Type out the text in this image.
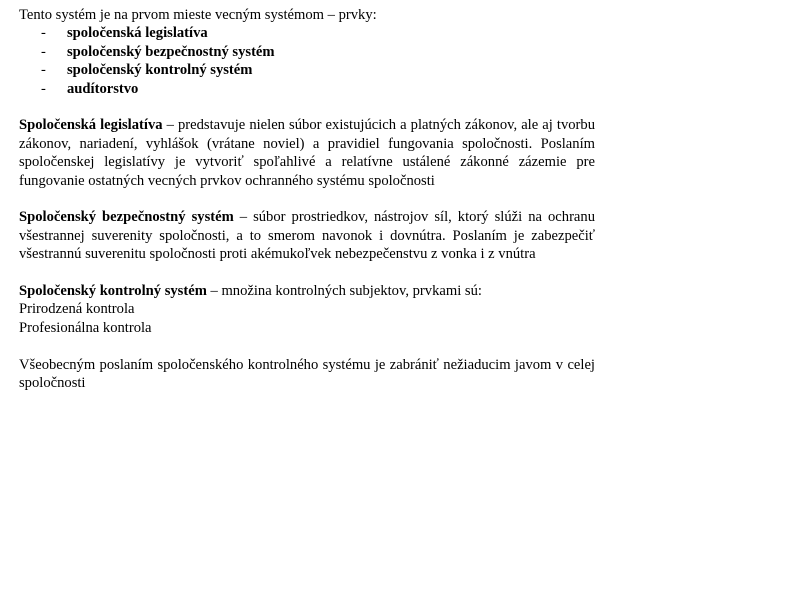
Tento systém je na prvom mieste vecným systémom – prvky:

- spoločenská legislatíva
- spoločenský bezpečnostný systém
- spoločenský kontrolný systém
- audítorstvo

Spoločenská legislatíva – predstavuje nielen súbor existujúcich a platných zákonov, ale aj tvorbu zákonov, nariadení, vyhlášok (vrátane noviel) a pravidiel fungovania spoločnosti. Poslaním spoločenskej legislatívy je vytvoriť spoľahlivé a relatívne ustálené zákonné zázemie pre fungovanie ostatných vecných prvkov ochranného systému spoločnosti

Spoločenský bezpečnostný systém – súbor prostriedkov, nástrojov síl, ktorý slúži na ochranu všestrannej suverenity spoločnosti, a to smerom navonok i dovnútra. Poslaním je zabezpečiť všestrannú suverenitu spoločnosti proti akémukoľvek nebezpečenstvu z vonka i z vnútra

Spoločenský kontrolný systém – množina kontrolných subjektov, prvkami sú:

Prirodzená kontrola

Profesionálna kontrola

Všeobecným poslaním spoločenského kontrolného systému je zabrániť nežiaducim javom v celej spoločnosti
